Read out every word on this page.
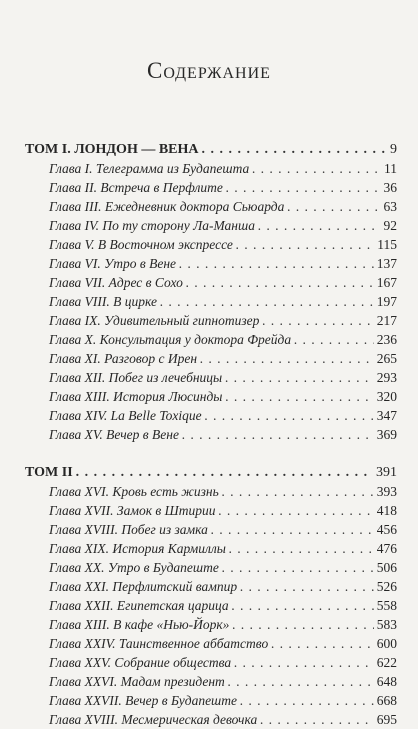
Содержание
ТОМ I. ЛОНДОН — ВЕНА . . .	9
Глава I. Телеграмма из Будапешта . . .	11
Глава II. Встреча в Перфлите . . .	36
Глава III. Ежедневник доктора Сьюарда . . .	63
Глава IV. По ту сторону Ла-Манша . . .	92
Глава V. В Восточном экспрессе . . .	115
Глава VI. Утро в Вене . . .	137
Глава VII. Адрес в Сохо . . .	167
Глава VIII. В цирке . . .	197
Глава IX. Удивительный гипнотизер . . .	217
Глава X. Консультация у доктора Фрейда . . .	236
Глава XI. Разговор с Ирен . . .	265
Глава XII. Побег из лечебницы . . .	293
Глава XIII. История Люсинды . . .	320
Глава XIV. La Belle Toxique . . .	347
Глава XV. Вечер в Вене . . .	369
ТОМ II . . .	391
Глава XVI. Кровь есть жизнь . . .	393
Глава XVII. Замок в Штирии . . .	418
Глава XVIII. Побег из замка . . .	456
Глава XIX. История Кармиллы . . .	476
Глава XX. Утро в Будапеште . . .	506
Глава XXI. Перфлитский вампир . . .	526
Глава XXII. Египетская царица . . .	558
Глава XIII. В кафе «Нью-Йорк» . . .	583
Глава XXIV. Таинственное аббатство . . .	600
Глава XXV. Собрание общества . . .	622
Глава XXVI. Мадам президент . . .	648
Глава XXVII. Вечер в Будапеште . . .	668
Глава XVIII. Месмерическая девочка . . .	695
